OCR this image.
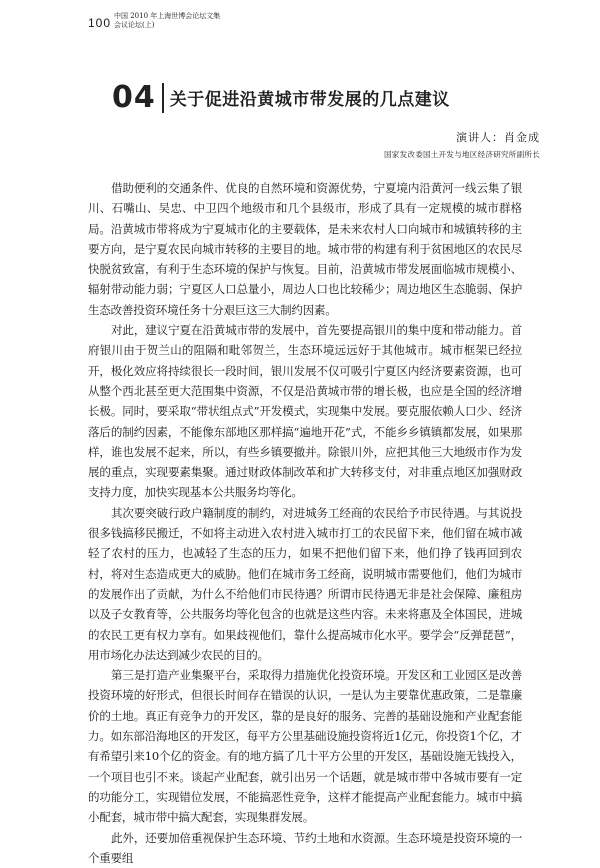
100 中国 2010 年上海世博会论坛文集
会议论坛(上)
04 关于促进沿黄城市带发展的几点建议
演讲人：肖金成
国家发改委国土开发与地区经济研究所副所长

借助便利的交通条件、优良的自然环境和资源优势，宁夏境内沿黄河一线云集了银川、石嘴山、吴忠、中卫四个地级市和几个县级市，形成了具有一定规模的城市群格局。沿黄城市带将成为宁夏城市化的主要载体，是未来农村人口向城市和城镇转移的主要方向，是宁夏农民向城市转移的主要目的地。城市带的构建有利于贫困地区的农民尽快脱贫致富，有利于生态环境的保护与恢复。目前，沿黄城市带发展面临城市规模小、辐射带动能力弱；宁夏区人口总量小，周边人口也比较稀少；周边地区生态脆弱、保护生态改善投资环境任务十分艰巨这三大制约因素。

对此，建议宁夏在沿黄城市带的发展中，首先要提高银川的集中度和带动能力。首府银川由于贺兰山的阻隔和毗邻贺兰，生态环境远远好于其他城市。城市框架已经拉开，极化效应将持续很长一段时间，银川发展不仅可吸引宁夏区内经济要素资源，也可从整个西北甚至更大范围集中资源，不仅是沿黄城市带的增长极，也应是全国的经济增长极。同时，要采取“带状组点式”开发模式，实现集中发展。要克服依赖人口少、经济落后的制约因素，不能像东部地区那样搞“遍地开花”式，不能乡乡镇镇都发展，如果那样，谁也发展不起来，所以，有些乡镇要撤并。除银川外，应把其他三大地级市作为发展的重点，实现要素集聚。通过财政体制改革和扩大转移支付，对非重点地区加强财政支持力度，加快实现基本公共服务均等化。

其次要突破行政户籍制度的制约，对进城务工经商的农民给予市民待遇。与其说投很多钱搞移民搬迁，不如将主动进入农村进入城市打工的农民留下来，他们留在城市减轻了农村的压力，也减轻了生态的压力，如果不把他们留下来，他们挣了钱再回到农村，将对生态造成更大的威胁。他们在城市务工经商，说明城市需要他们，他们为城市的发展作出了贡献，为什么不给他们市民待遇？所谓市民待遇无非是社会保障、廉租房以及子女教育等，公共服务均等化包含的也就是这些内容。未来将惠及全体国民，进城的农民工更有权力享有。如果歧视他们，靠什么提高城市化水平。要学会“反弹琵琶”，用市场化办法达到减少农民的目的。

第三是打造产业集聚平台，采取得力措施优化投资环境。开发区和工业园区是改善投资环境的好形式，但很长时间存在错误的认识，一是认为主要靠优惠政策，二是靠廉价的土地。真正有竞争力的开发区，靠的是良好的服务、完善的基础设施和产业配套能力。如东部沿海地区的开发区，每平方公里基础设施投资将近1亿元，你投资1个亿，才有希望引来10个亿的资金。有的地方搞了几十平方公里的开发区，基础设施无钱投入，一个项目也引不来。谈起产业配套，就引出另一个话题，就是城市带中各城市要有一定的功能分工，实现错位发展，不能搞恶性竞争，这样才能提高产业配套能力。城市中搞小配套，城市带中搞大配套，实现集群发展。

此外，还要加倍重视保护生态环境、节约土地和水资源。生态环境是投资环境的一个重要组
